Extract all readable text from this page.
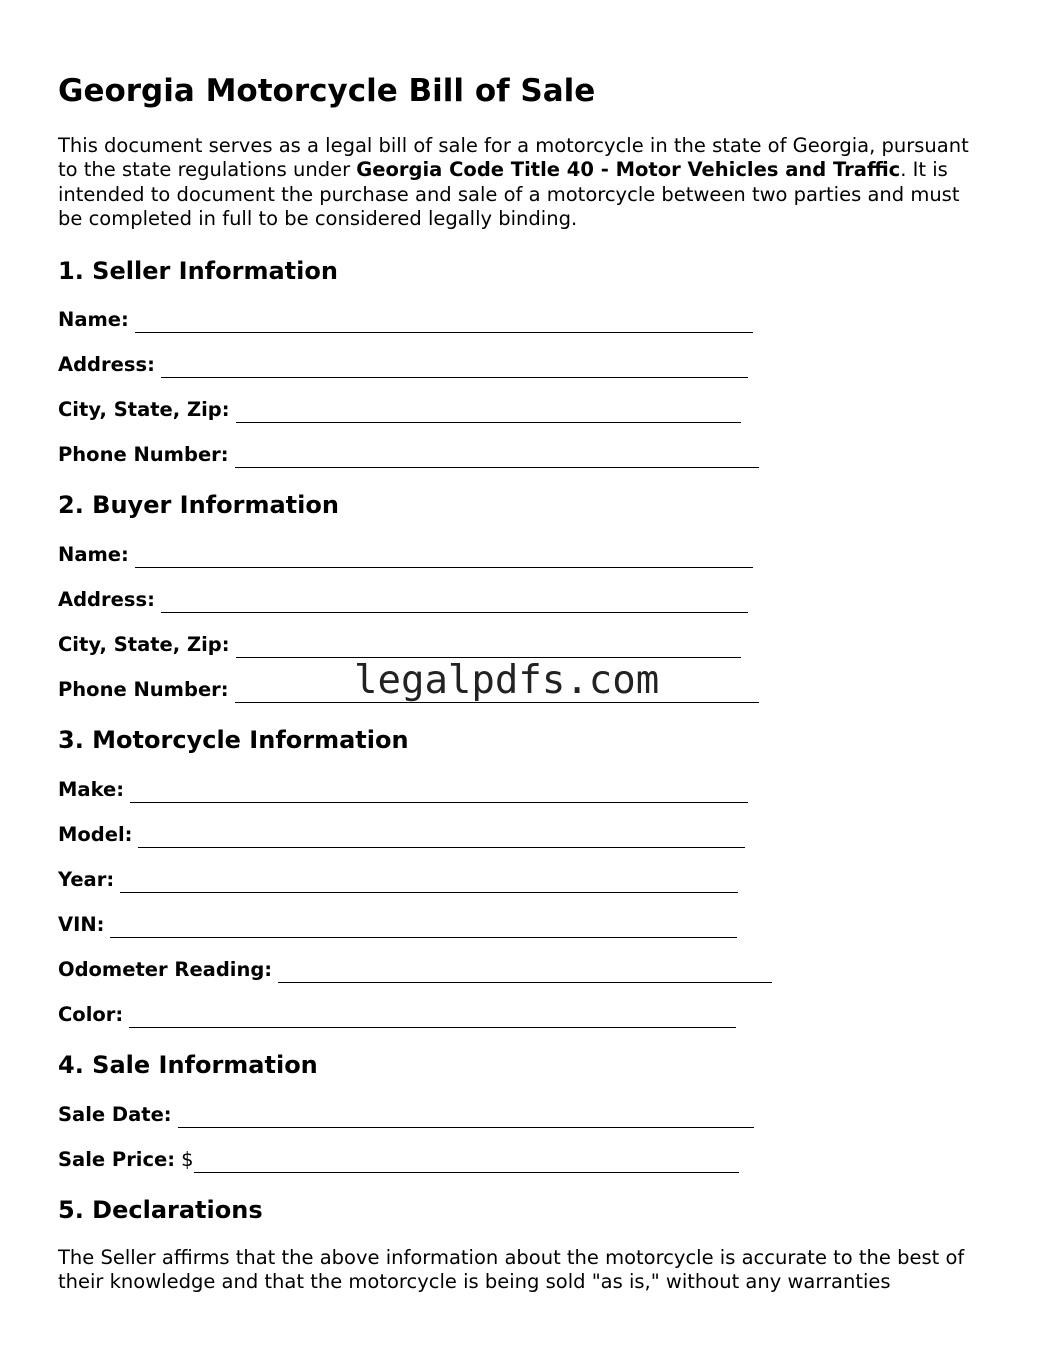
Georgia Motorcycle Bill of Sale

This document serves as a legal bill of sale for a motorcycle in the state of Georgia, pursuant to the state regulations under Georgia Code Title 40 - Motor Vehicles and Traffic. It is intended to document the purchase and sale of a motorcycle between two parties and must be completed in full to be considered legally binding.

1. Seller Information
Name:
Address:
City, State, Zip:
Phone Number:
2. Buyer Information
Name:
Address:
City, State, Zip:
Phone Number:
3. Motorcycle Information
Make:
Model:
Year:
VIN:
Odometer Reading:
Color:
4. Sale Information
Sale Date:
Sale Price: $
5. Declarations

The Seller affirms that the above information about the motorcycle is accurate to the best of their knowledge and that the motorcycle is being sold "as is," without any warranties

legalpdfs.com
